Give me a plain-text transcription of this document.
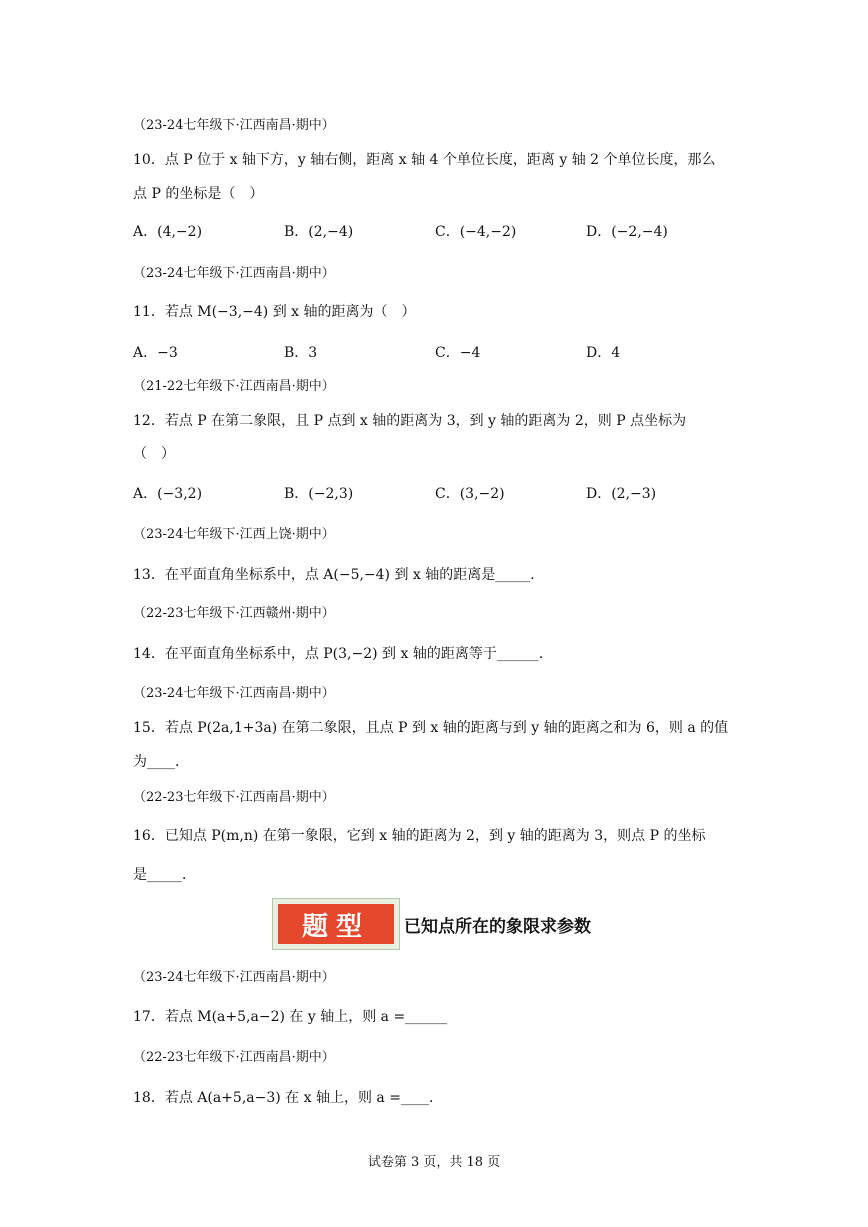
（23-24七年级下·江西南昌·期中）
10．点 P 位于 x 轴下方，y 轴右侧，距离 x 轴 4 个单位长度，距离 y 轴 2 个单位长度，那么
点 P 的坐标是（　）
A．(4,−2)	B．(2,−4)	C．(−4,−2)	D．(−2,−4)
（23-24七年级下·江西南昌·期中）
11．若点 M(−3,−4) 到 x 轴的距离为（　）
A．−3	B．3	C．−4	D．4
（21-22七年级下·江西南昌·期中）
12．若点 P 在第二象限，且 P 点到 x 轴的距离为 3，到 y 轴的距离为 2，则 P 点坐标为
（　）
A．(−3,2)	B．(−2,3)	C．(3,−2)	D．(2,−3)
（23-24七年级下·江西上饶·期中）
13．在平面直角坐标系中，点 A(−5,−4) 到 x 轴的距离是_____．
（22-23七年级下·江西赣州·期中）
14．在平面直角坐标系中，点 P(3,−2) 到 x 轴的距离等于______．
（23-24七年级下·江西南昌·期中）
15．若点 P(2a,1+3a) 在第二象限，且点 P 到 x 轴的距离与到 y 轴的距离之和为 6，则 a 的值
为____．
（22-23七年级下·江西南昌·期中）
16．已知点 P(m,n) 在第一象限，它到 x 轴的距离为 2，到 y 轴的距离为 3，则点 P 的坐标
是_____．
题型	已知点所在的象限求参数
（23-24七年级下·江西南昌·期中）
17．若点 M(a+5,a−2) 在 y 轴上，则 a =______
（22-23七年级下·江西南昌·期中）
18．若点 A(a+5,a−3) 在 x 轴上，则 a =____．
试卷第 3 页，共 18 页
